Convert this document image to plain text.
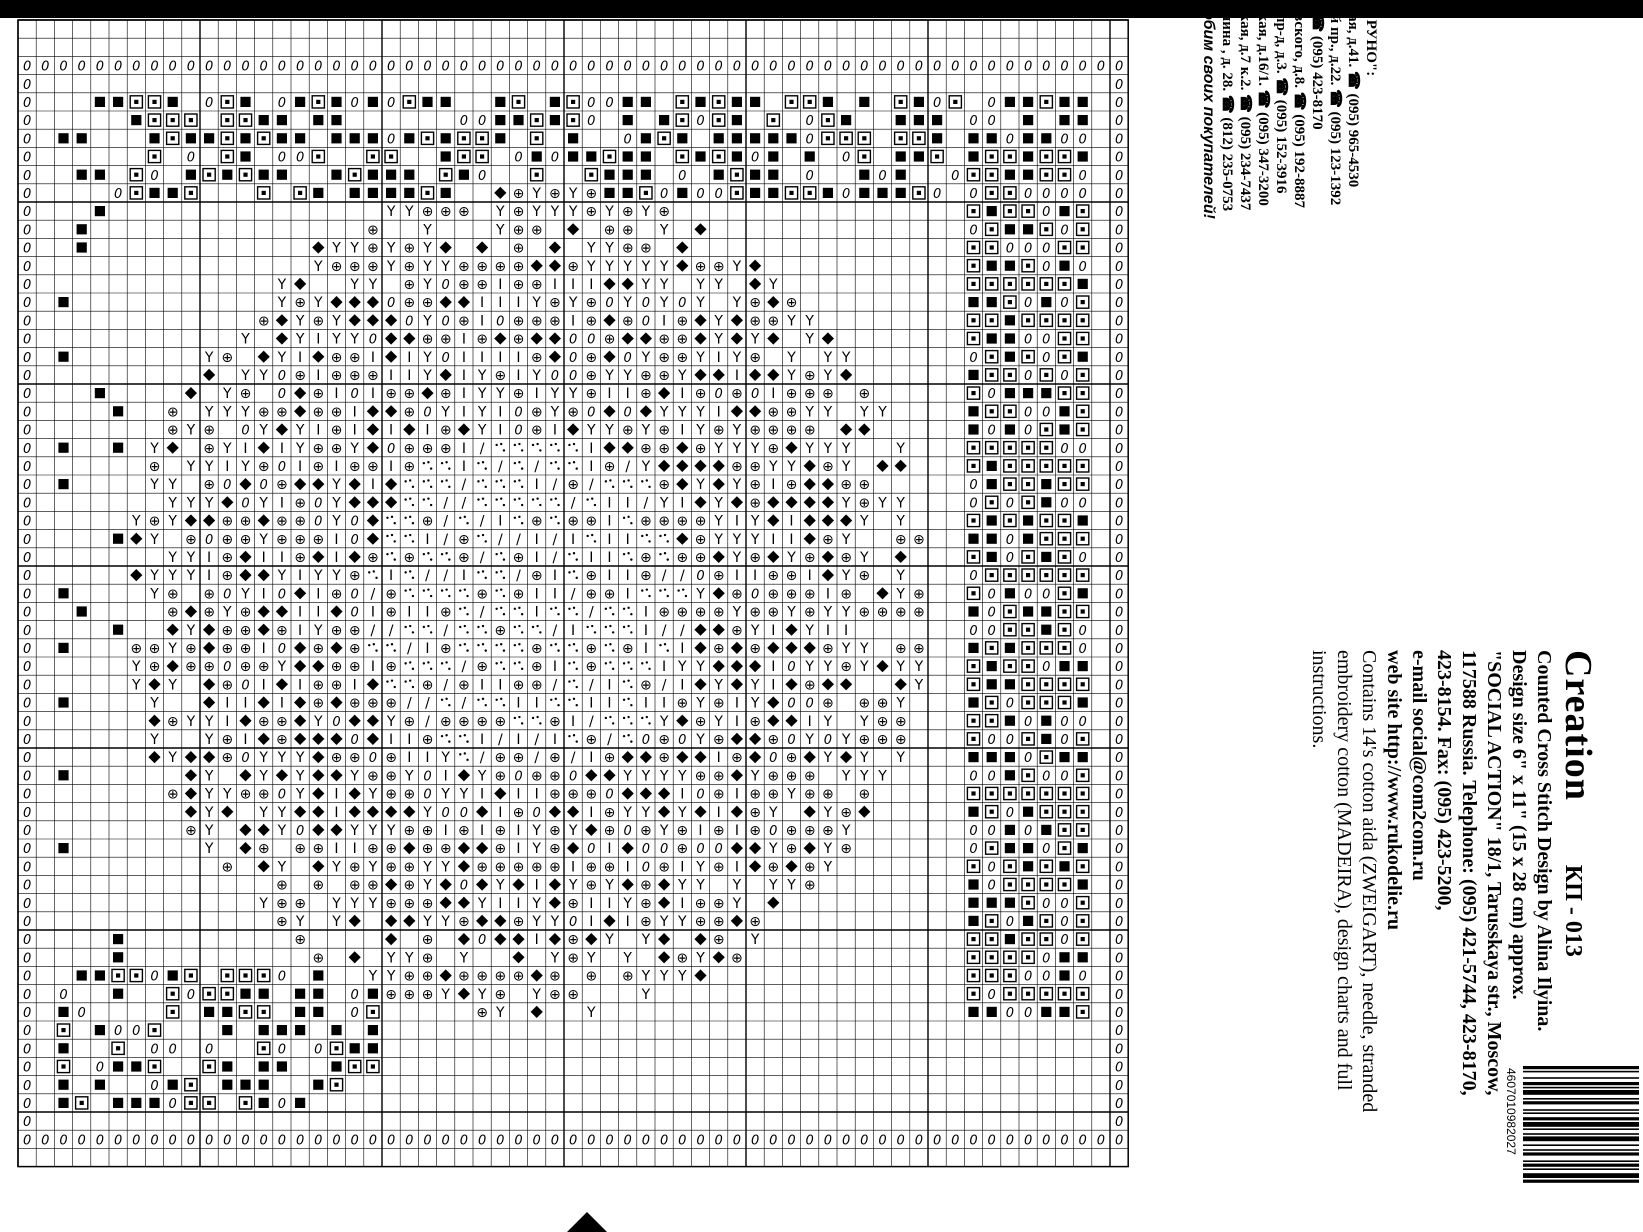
0 0 0 0 0 0 0 0 0 0 0 0 0 0 0 0 0 0 0 0 0 0 0 0 0 0 0 0 0 0 0 0 0 0 0 0 0 0 0 0 0 0 0 0 0 0 0 0 0 0 0 0 0 0 0 0 0 0 0 0 0
0	0
0	0	0	0 0	0 0	0	0	0
0	0 0	0	0	0	0 0	0
0	0	0	0	0	0 0 0
0	0	0 0	0 0	0	0	0
0	0	0	0	0	0	0	0 0
0	0	⊕ Y ⊕ Y ⊕	0 0 0	0	0 0	0 0 0 0 0
0	Y Y ⊕ ⊕ ⊕ Y ⊕ Y Y Y ⊕ Y ⊕ Y ⊕	0	0
0	⊕	Y	Y ⊕ ⊕	⊕ ⊕ Y	0	0	0
0	Y Y ⊕ Y ⊕ Y	⊕	Y Y ⊕ ⊕	0 0 0	0
0	Y ⊕ ⊕ ⊕ Y ⊕ Y Y ⊕ ⊕ ⊕ ⊕	⊕ Y Y Y Y Y ⊕ ⊕ Y	0 0 0
0	Y	Y Y ⊕ Y 0 ⊕ ⊕ I ⊕ ⊕ I I I	Y Y Y Y	Y	0
0	Y ⊕ Y	0 ⊕ ⊕	I I I Y ⊕ Y ⊕ 0 Y 0 Y 0 Y Y ⊕ ⊕	0 0	0
0	⊕ Y ⊕ Y	0 Y 0 ⊕ I 0 ⊕ ⊕ ⊕ I ⊕ ⊕ 0 I ⊕ Y ⊕ ⊕ Y Y	0
0	Y	Y I Y Y 0	⊕ ⊕ I ⊕ ⊕	0 0 ⊕	⊕ ⊕ Y Y	Y	0 0	0
0	Y ⊕	Y I ⊕ ⊕ I I Y 0 I I I I ⊕ 0 ⊕ 0 Y ⊕ ⊕ Y I Y ⊕ Y Y Y	0	0	0
0	Y Y 0 ⊕ I ⊕ ⊕ ⊕ I I Y I Y ⊕ I Y 0 0 ⊕ Y Y ⊕ ⊕ Y	I	Y ⊕ Y	0 0	0
0	Y ⊕ 0 ⊕ I 0 I ⊕ ⊕ ⊕ I Y Y ⊕ I Y Y ⊕ I I ⊕ I ⊕ 0 ⊕ 0 I ⊕ ⊕ ⊕ ⊕	0	0
0	⊕ Y Y Y ⊕ ⊕ ⊕ ⊕ I	⊕ 0 Y I Y I 0 ⊕ Y ⊕ 0 0 Y Y Y I	⊕ ⊕ Y Y Y Y	0 0	0
0	⊕ Y ⊕ 0 Y Y I ⊕ I I I ⊕ Y I 0 ⊕ I Y Y ⊕ Y ⊕ I Y ⊕ Y ⊕ ⊕ ⊕ ⊕	0 0	0
0	Y	⊕ Y I I Y ⊕ ⊕ Y 0 ⊕ ⊕ ⊕ I /	I	⊕ ⊕ ⊕ Y Y Y ⊕ Y Y Y	Y	0 0 0
0	⊕ Y Y I Y ⊕ 0 I ⊕ I ⊕ ⊕ I ⊕	I / /	I ⊕ / Y	⊕ ⊕ Y Y ⊕ Y	0
0	Y Y ⊕ 0 0 ⊕	Y I	/	I / ⊕ /	⊕ Y Y ⊕ I ⊕	⊕ ⊕	0	0
0	Y Y Y 0 Y I ⊕ 0 Y	/ /	/ I I / Y I Y ⊕	Y ⊕ Y Y	0 0	0 0 0
0	Y ⊕ Y	⊕ ⊕ ⊕ ⊕ 0 Y 0	⊕ / / I ⊕ ⊕ ⊕ I ⊕ ⊕ ⊕ ⊕ Y I Y I	Y Y	0
0	Y ⊕ 0 ⊕ ⊕ Y ⊕ ⊕ ⊕ I 0	I / ⊕ / / I / I I I	⊕ Y Y Y I I ⊕ Y	⊕ ⊕	0	0
0	Y Y I ⊕ I I ⊕ I ⊕ ⊕	⊕ / ⊕ I / I I ⊕ ⊕ ⊕ Y ⊕ Y ⊕ ⊕ Y	0	0 0
0	Y Y Y I ⊕	Y I Y Y ⊕ I / / I	/ ⊕ I ⊕ I I ⊕ / / 0 ⊕ I I ⊕ ⊕ I Y ⊕ Y	0	0
0	Y ⊕ ⊕ 0 Y I 0 I ⊕ 0 / ⊕	⊕ ⊕ I I / ⊕ ⊕ I	Y ⊕ 0 ⊕ ⊕ ⊕ I ⊕	Y ⊕	0 0 0	0
0	⊕ ⊕ Y ⊕	I I 0 I ⊕ I I ⊕ /	I	/	I ⊕ ⊕ ⊕ ⊕ Y ⊕ ⊕ Y ⊕ Y Y ⊕ ⊕ ⊕ ⊕	0	0
0	Y ⊕ ⊕ ⊕ I Y ⊕ ⊕ / /	/	⊕	/ I	I / /	⊕ Y I Y I I	0 0	0 0
0	⊕ ⊕ Y ⊕ ⊕ ⊕ I 0 ⊕ ⊕	/ I ⊕	⊕	⊕ ⊕ I I ⊕ ⊕	⊕ Y Y ⊕ ⊕	0 0
0	Y ⊕ ⊕ ⊕ 0 ⊕ ⊕ Y	⊕ ⊕ I ⊕	/ ⊕	⊕ I ⊕	I Y Y	I 0 Y Y ⊕ Y Y Y	0	0
0	Y Y	⊕ 0 I I ⊕ ⊕ I	⊕ / ⊕ I I ⊕ ⊕ / / I ⊕ / I Y Y I ⊕	Y	0
0	Y	I I I ⊕ ⊕ ⊕ ⊕ / / /	I I	I I I I ⊕ Y ⊕ I Y 0 0 ⊕ ⊕ ⊕ Y	0	0
0	⊕ Y Y I ⊕ ⊕ Y 0	Y ⊕ / ⊕ ⊕ ⊕ ⊕	⊕ I /	Y ⊕ Y I ⊕	I Y Y ⊕ ⊕	0 0 0 0
0	Y	Y ⊕ I ⊕	0 I I ⊕	I / I / I ⊕ / 0 ⊕ 0 Y ⊕	⊕ 0 Y 0 Y ⊕ ⊕ ⊕	0 0	0	0
0	Y	⊕ 0 Y Y Y ⊕ ⊕ 0 ⊕ I I Y / ⊕ ⊕ / ⊕ / I ⊕	⊕	I ⊕ 0 ⊕ Y Y Y	0	0
0	Y	Y Y	Y ⊕ ⊕ Y 0 I Y ⊕ 0 ⊕ ⊕ 0	Y Y Y Y ⊕ ⊕ Y ⊕ ⊕ ⊕ Y Y Y	0 0	0 0	0
0	⊕ Y Y ⊕ ⊕ 0 Y I Y ⊕ ⊕ 0 Y Y I I I ⊕ ⊕ ⊕ 0	I 0 ⊕ I ⊕ ⊕ Y ⊕ ⊕ ⊕	0
0	Y	Y Y	I	Y 0 0 I ⊕ 0	I ⊕ Y Y Y I ⊕ Y	Y ⊕	0	0
0	⊕ Y	Y 0	Y Y Y ⊕ ⊕ I ⊕ I ⊕ I Y ⊕ Y ⊕ 0 ⊕ Y ⊕ I ⊕ I ⊕ 0 ⊕ ⊕ ⊕ Y	0 0 0	0
0	Y	⊕ ⊕ ⊕ I I ⊕ ⊕ ⊕ ⊕	⊕ I Y ⊕ 0 I 0 0 ⊕ 0 0	Y ⊕ Y ⊕	0	0	0
0	⊕	Y	Y ⊕ Y ⊕ ⊕ Y Y ⊕ ⊕ ⊕ ⊕ ⊕ I ⊕ ⊕ I 0 ⊕ I Y ⊕ I ⊕ ⊕ Y	0	0
0	⊕ ⊕ ⊕ ⊕ ⊕ Y 0 Y I Y ⊕ Y ⊕ Y Y Y Y Y ⊕	0	0
0	Y ⊕ ⊕ Y Y Y ⊕ ⊕ ⊕	Y I I Y ⊕ I I Y ⊕ I ⊕ ⊕ Y	0 0	0
0	⊕ Y Y	Y Y ⊕	⊕ Y Y 0 I I ⊕ Y Y ⊕ ⊕ ⊕	0	0	0
0	⊕	⊕	0	I ⊕ Y Y	⊕ Y	0	0
0	⊕	Y Y ⊕ Y	Y ⊕ Y Y	⊕ Y ⊕	0	0
0	0	0	Y Y ⊕ ⊕ ⊕ ⊕ ⊕ ⊕ ⊕ ⊕ ⊕ Y Y Y	0 0 0 0
0 0	0	0 ⊕ ⊕ ⊕ Y Y ⊕ Y ⊕ ⊕	Y	0	0
0	0	0	⊕ Y	Y	0 0	0
0	0 0	0
0	0 0 0	0 0	0
0	0	0
0	0	0
0	0	0	0
0	0
0 0 0 0 0 0 0 0 0 0 0 0 0 0 0 0 0 0 0 0 0 0 0 0 0 0 0 0 0 0 0 0 0 0 0 0 0 0 0 0 0 0 0 0 0 0 0 0 0 0 0 0 0 0 0 0 0 0 0 0 0
Creation КП - 013
Counted Cross Stitch Design by Alina Ilyina.
Design size 6" x 11" (15 x 28 cm) approx.
"SOCIAL ACTION" 18/1, Tarusskaya str., Moscow,
117588 Russia. Telephone: (095) 421-5744, 423-8170,
423-8154. Fax: (095) 423-5200,
e-mail social@com2com.ru
web site http://www.rukodelie.ru
Contains 14's cotton aida (ZWEIGART), needle, stranded
embroidery cotton (MADEIRA), design charts and full
instructions.
Е РУНО":
вая, д.41. ☎ (095) 965-4530
ий пр., д.22. ☎ (095) 123-1392
. ☎ (095) 423-8170
овского, д.8. ☎ (095) 192-8887
і пр-д, д.3. ☎ (095) 152-3916
ская, д.16/1. ☎ (095) 347-3200
ская, д.7 к.2. ☎ (095) 234-7437
енина , д. 28. ☎ (812) 235-0753
юбим своих покупателей!
4607010982027
